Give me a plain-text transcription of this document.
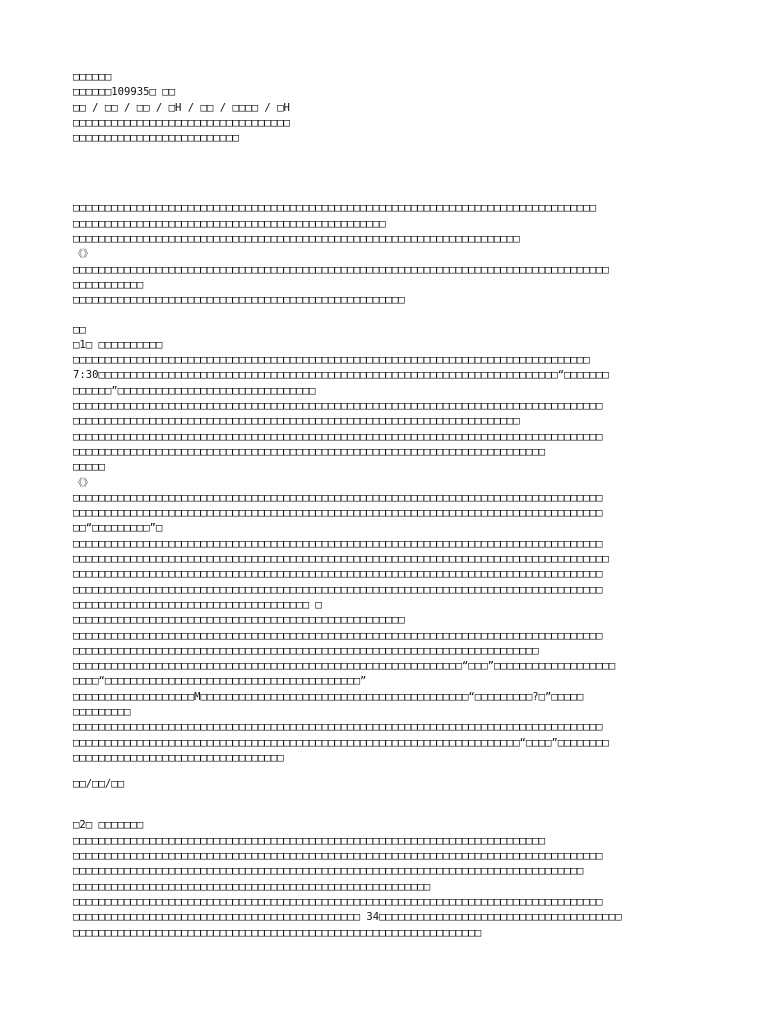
□□□□□□
□□□□□□109935□ □□
□□ / □□ / □□ / □H / □□ / □□□□ / □H
□□□□□□□□□□□□□□□□□□□□□□□□□□□□□□□□□□
□□□□□□□□□□□□□□□□□□□□□□□□□□
□□□□□□□□□□□□□□□□□□□□□□□□□□□□□□□□□□□□□□□□□□□□□□□□□□□□□□□□□□□□□□□□□□□□□□□□□□□□□□□□□□
□□□□□□□□□□□□□□□□□□□□□□□□□□□□□□□□□□□□□□□□□□□□□□□□□
□□□□□□□□□□□□□□□□□□□□□□□□□□□□□□□□□□□□□□□□□□□□□□□□□□□□□□□□□□□□□□□□□□□□□□
《》
□□□□□□□□□□□□□□□□□□□□□□□□□□□□□□□□□□□□□□□□□□□□□□□□□□□□□□□□□□□□□□□□□□□□□□□□□□□□□□□□□□□□
□□□□□□□□□□□
□□□□□□□□□□□□□□□□□□□□□□□□□□□□□□□□□□□□□□□□□□□□□□□□□□□□
□□
□1□ □□□□□□□□□□
□□□□□□□□□□□□□□□□□□□□□□□□□□□□□□□□□□□□□□□□□□□□□□□□□□□□□□□□□□□□□□□□□□□□□□□□□□□□□□□□□
7:30□□□□□□□□□□□□□□□□□□□□□□□□□□□□□□□□□□□□□□□□□□□□□□□□□□□□□□□□□□□□□□□□□□□□□□□□“□□□□□□□
□□□□□□”□□□□□□□□□□□□□□□□□□□□□□□□□□□□□□□
□□□□□□□□□□□□□□□□□□□□□□□□□□□□□□□□□□□□□□□□□□□□□□□□□□□□□□□□□□□□□□□□□□□□□□□□□□□□□□□□□□□
□□□□□□□□□□□□□□□□□□□□□□□□□□□□□□□□□□□□□□□□□□□□□□□□□□□□□□□□□□□□□□□□□□□□□□
□□□□□□□□□□□□□□□□□□□□□□□□□□□□□□□□□□□□□□□□□□□□□□□□□□□□□□□□□□□□□□□□□□□□□□□□□□□□□□□□□□□
□□□□□□□□□□□□□□□□□□□□□□□□□□□□□□□□□□□□□□□□□□□□□□□□□□□□□□□□□□□□□□□□□□□□□□□□□□
□□□□□
《》
□□□□□□□□□□□□□□□□□□□□□□□□□□□□□□□□□□□□□□□□□□□□□□□□□□□□□□□□□□□□□□□□□□□□□□□□□□□□□□□□□□□
□□□□□□□□□□□□□□□□□□□□□□□□□□□□□□□□□□□□□□□□□□□□□□□□□□□□□□□□□□□□□□□□□□□□□□□□□□□□□□□□□□□
□□“□□□□□□□□□”□
□□□□□□□□□□□□□□□□□□□□□□□□□□□□□□□□□□□□□□□□□□□□□□□□□□□□□□□□□□□□□□□□□□□□□□□□□□□□□□□□□□□
□□□□□□□□□□□□□□□□□□□□□□□□□□□□□□□□□□□□□□□□□□□□□□□□□□□□□□□□□□□□□□□□□□□□□□□□□□□□□□□□□□□□
□□□□□□□□□□□□□□□□□□□□□□□□□□□□□□□□□□□□□□□□□□□□□□□□□□□□□□□□□□□□□□□□□□□□□□□□□□□□□□□□□□□
□□□□□□□□□□□□□□□□□□□□□□□□□□□□□□□□□□□□□□□□□□□□□□□□□□□□□□□□□□□□□□□□□□□□□□□□□□□□□□□□□□□
□□□□□□□□□□□□□□□□□□□□□□□□□□□□□□□□□□□□□ □
□□□□□□□□□□□□□□□□□□□□□□□□□□□□□□□□□□□□□□□□□□□□□□□□□□□□
□□□□□□□□□□□□□□□□□□□□□□□□□□□□□□□□□□□□□□□□□□□□□□□□□□□□□□□□□□□□□□□□□□□□□□□□□□□□□□□□□□□
□□□□□□□□□□□□□□□□□□□□□□□□□□□□□□□□□□□□□□□□□□□□□□□□□□□□□□□□□□□□□□□□□□□□□□□□□
□□□□□□□□□□□□□□□□□□□□□□□□□□□□□□□□□□□□□□□□□□□□□□□□□□□□□□□□□□□□□“□□□”□□□□□□□□□□□□□□□□□□□
□□□□“□□□□□□□□□□□□□□□□□□□□□□□□□□□□□□□□□□□□□□□□”
□□□□□□□□□□□□□□□□□□□M□□□□□□□□□□□□□□□□□□□□□□□□□□□□□□□□□□□□□□□□□□“□□□□□□□□□?□”□□□□□
□□□□□□□□□
□□□□□□□□□□□□□□□□□□□□□□□□□□□□□□□□□□□□□□□□□□□□□□□□□□□□□□□□□□□□□□□□□□□□□□□□□□□□□□□□□□□
□□□□□□□□□□□□□□□□□□□□□□□□□□□□□□□□□□□□□□□□□□□□□□□□□□□□□□□□□□□□□□□□□□□□□□“□□□□”□□□□□□□□
□□□□□□□□□□□□□□□□□□□□□□□□□□□□□□□□□
□□/□□/□□
□2□ □□□□□□□
□□□□□□□□□□□□□□□□□□□□□□□□□□□□□□□□□□□□□□□□□□□□□□□□□□□□□□□□□□□□□□□□□□□□□□□□□□
□□□□□□□□□□□□□□□□□□□□□□□□□□□□□□□□□□□□□□□□□□□□□□□□□□□□□□□□□□□□□□□□□□□□□□□□□□□□□□□□□□□
□□□□□□□□□□□□□□□□□□□□□□□□□□□□□□□□□□□□□□□□□□□□□□□□□□□□□□□□□□□□□□□□□□□□□□□□□□□□□□□□
□□□□□□□□□□□□□□□□□□□□□□□□□□□□□□□□□□□□□□□□□□□□□□□□□□□□□□□□
□□□□□□□□□□□□□□□□□□□□□□□□□□□□□□□□□□□□□□□□□□□□□□□□□□□□□□□□□□□□□□□□□□□□□□□□□□□□□□□□□□□
□□□□□□□□□□□□□□□□□□□□□□□□□□□□□□□□□□□□□□□□□□□□□ 34□□□□□□□□□□□□□□□□□□□□□□□□□□□□□□□□□□□□□□
□□□□□□□□□□□□□□□□□□□□□□□□□□□□□□□□□□□□□□□□□□□□□□□□□□□□□□□□□□□□□□□□
